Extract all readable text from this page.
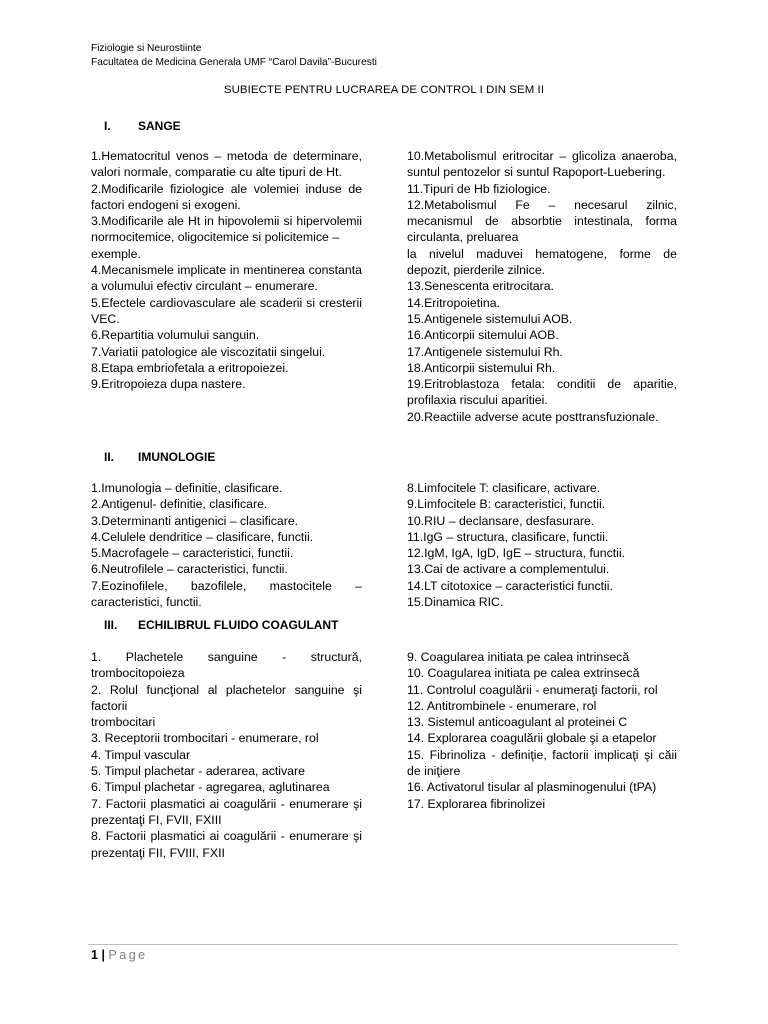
Fiziologie si Neurostiinte
Facultatea de Medicina Generala UMF “Carol Davila”-Bucuresti
SUBIECTE PENTRU LUCRAREA DE CONTROL I DIN SEM II
I. SANGE

1.Hematocritul venos – metoda de determinare, valori normale, comparatie cu alte tipuri de Ht.

2.Modificarile fiziologice ale volemiei induse de factori endogeni si exogeni.

3.Modificarile ale Ht in hipovolemii si hipervolemii normocitemice, oligocitemice si policitemice –

exemple.

4.Mecanismele implicate in mentinerea constanta a volumului efectiv circulant – enumerare.

5.Efectele cardiovasculare ale scaderii si cresterii VEC.

6.Repartitia volumului sanguin.

7.Variatii patologice ale viscozitatii singelui.

8.Etapa embriofetala a eritropoiezei.

9.Eritropoieza dupa nastere.

10.Metabolismul eritrocitar – glicoliza anaeroba, suntul pentozelor si suntul Rapoport-Luebering.

11.Tipuri de Hb fiziologice.

12.Metabolismul Fe – necesarul zilnic, mecanismul de absorbtie intestinala, forma circulanta, preluarea

la nivelul maduvei hematogene, forme de depozit, pierderile zilnice.

13.Senescenta eritrocitara.

14.Eritropoietina.

15.Antigenele sistemului AOB.

16.Anticorpii sitemului AOB.

17.Antigenele sistemului Rh.

18.Anticorpii sistemului Rh.

19.Eritroblastoza fetala: conditii de aparitie, profilaxia riscului aparitiei.

20.Reactiile adverse acute posttransfuzionale.

II. IMUNOLOGIE

1.Imunologia – definitie, clasificare.

2.Antigenul- definitie, clasificare.

3.Determinanti antigenici – clasificare.

4.Celulele dendritice – clasificare, functii.

5.Macrofagele – caracteristici, functii.

6.Neutrofilele – caracteristici, functii.

7.Eozinofilele, bazofilele, mastocitele – caracteristici, functii.

8.Limfocitele T: clasificare, activare.

9.Limfocitele B: caracteristici, functii.

10.RIU – declansare, desfasurare.

11.IgG – structura, clasificare, functii.

12.IgM, IgA, IgD, IgE – structura, functii.

13.Cai de activare a complementului.

14.LT citotoxice – caracteristici functii.

15.Dinamica RIC.

III. ECHILIBRUL FLUIDO COAGULANT

1. Plachetele sanguine - structură, trombocitopoieza

2. Rolul funcţional al plachetelor sanguine şi factorii

trombocitari

3. Receptorii trombocitari - enumerare, rol

4. Timpul vascular

5. Timpul plachetar - aderarea, activare

6. Timpul plachetar - agregarea, aglutinarea

7. Factorii plasmatici ai coagulării - enumerare şi prezentaţi FI, FVII, FXIII

8. Factorii plasmatici ai coagulării - enumerare şi prezentaţi FII, FVIII, FXII

9. Coagularea initiata pe calea intrinsecă

10. Coagularea initiata pe calea extrinsecă

11. Controlul coagulării - enumeraţi factorii, rol

12. Antitrombinele - enumerare, rol

13. Sistemul anticoagulant al proteinei C

14. Explorarea coagulării globale şi a etapelor

15. Fibrinoliza - definiţie, factorii implicaţi şi căii de iniţiere

16. Activatorul tisular al plasminogenului (tPA)

17. Explorarea fibrinolizei

1 | Page
